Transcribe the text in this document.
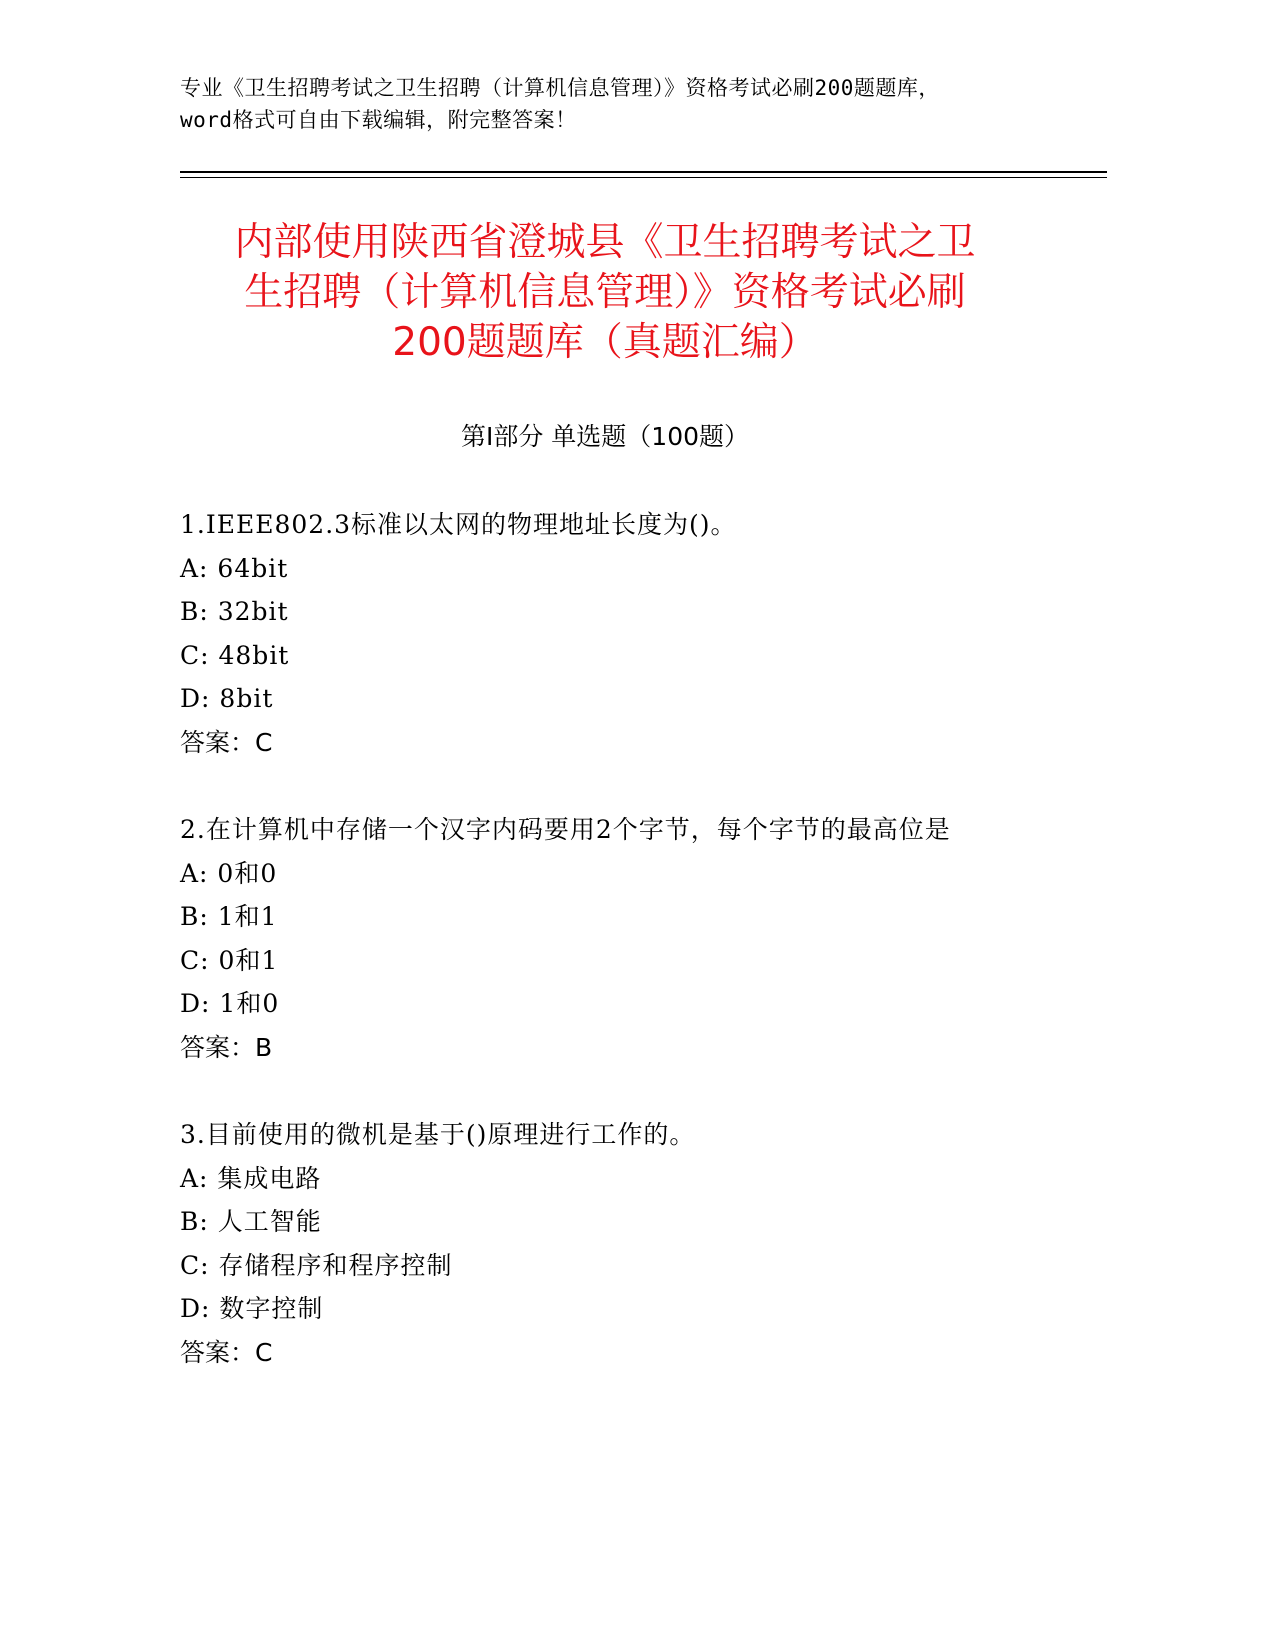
专业《卫生招聘考试之卫生招聘（计算机信息管理）》资格考试必刷200题题库，
word格式可自由下载编辑，附完整答案！
内部使用陕西省澄城县《卫生招聘考试之卫
生招聘（计算机信息管理）》资格考试必刷
200题题库（真题汇编）
第Ⅰ部分 单选题（100题）
1.IEEE802.3标准以太网的物理地址长度为()。
A: 64bit
B: 32bit
C: 48bit
D: 8bit
答案：C
2.在计算机中存储一个汉字内码要用2个字节，每个字节的最高位是
A: 0和0
B: 1和1
C: 0和1
D: 1和0
答案：B
3.目前使用的微机是基于()原理进行工作的。
A: 集成电路
B: 人工智能
C: 存储程序和程序控制
D: 数字控制
答案：C
